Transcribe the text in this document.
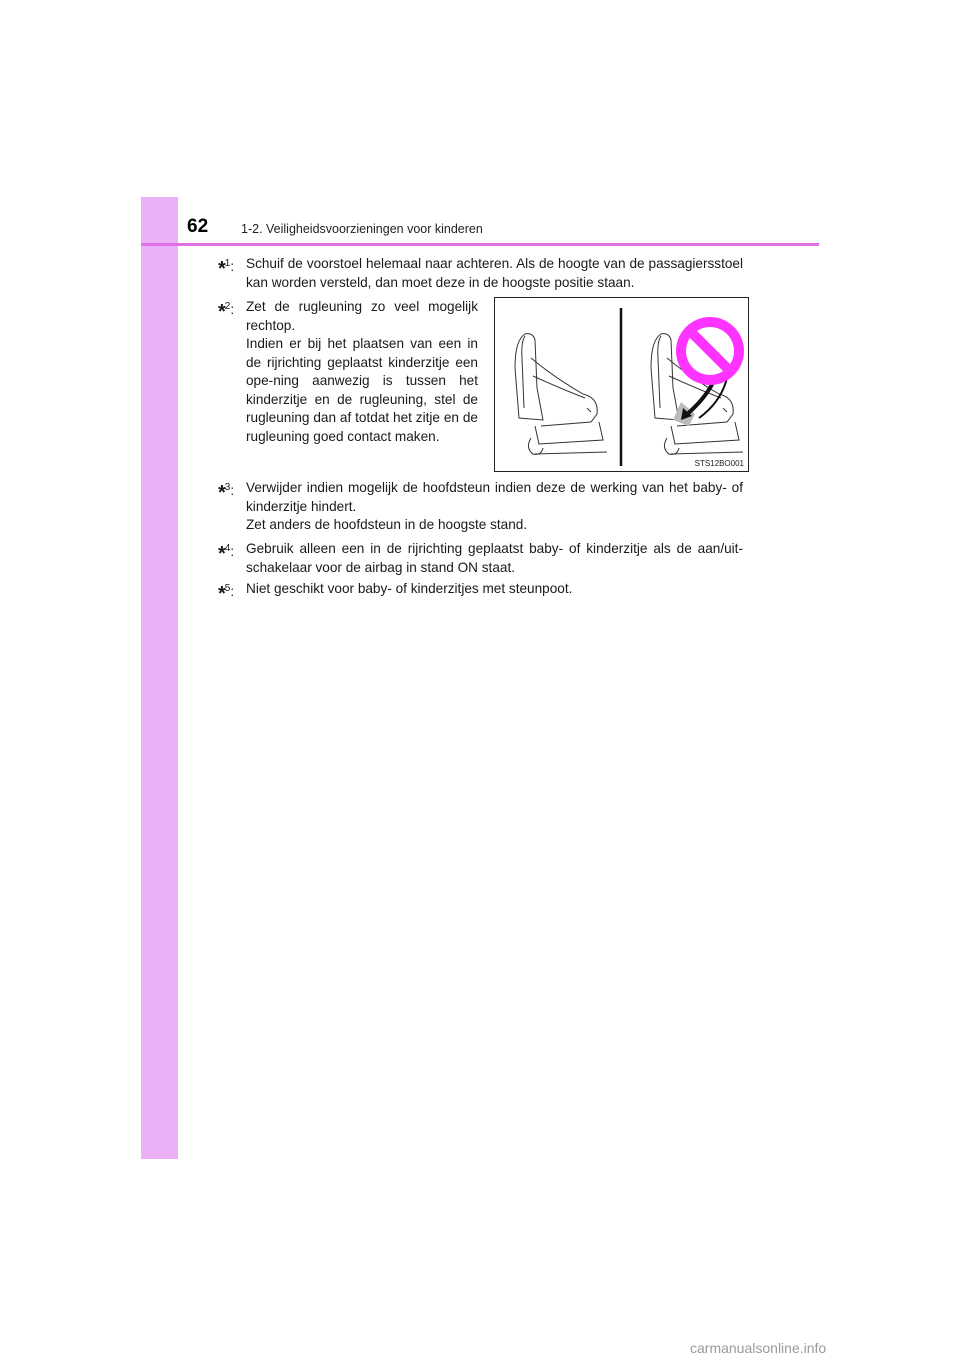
62	1-2. Veiligheidsvoorzieningen voor kinderen
*$^1$: Schuif de voorstoel helemaal naar achteren. Als de hoogte van de passagiersstoel kan worden versteld, dan moet deze in de hoogste positie staan.

*$^2$: Zet de rugleuning zo veel mogelijk rechtop.

Indien er bij het plaatsen van een in de rijrichting geplaatst kinderzitje een ope-ning aanwezig is tussen het kinderzitje en de rugleuning, stel de rugleuning dan af totdat het zitje en de rugleuning goed contact maken.

STS12BO001
*$^3$: Verwijder indien mogelijk de hoofdsteun indien deze de werking van het baby- of kinderzitje hindert.

Zet anders de hoofdsteun in de hoogste stand.

*$^4$: Gebruik alleen een in de rijrichting geplaatst baby- of kinderzitje als de aan/uit-schakelaar voor de airbag in stand ON staat.

*$^5$: Niet geschikt voor baby- of kinderzitjes met steunpoot.

carmanualsonline.info
